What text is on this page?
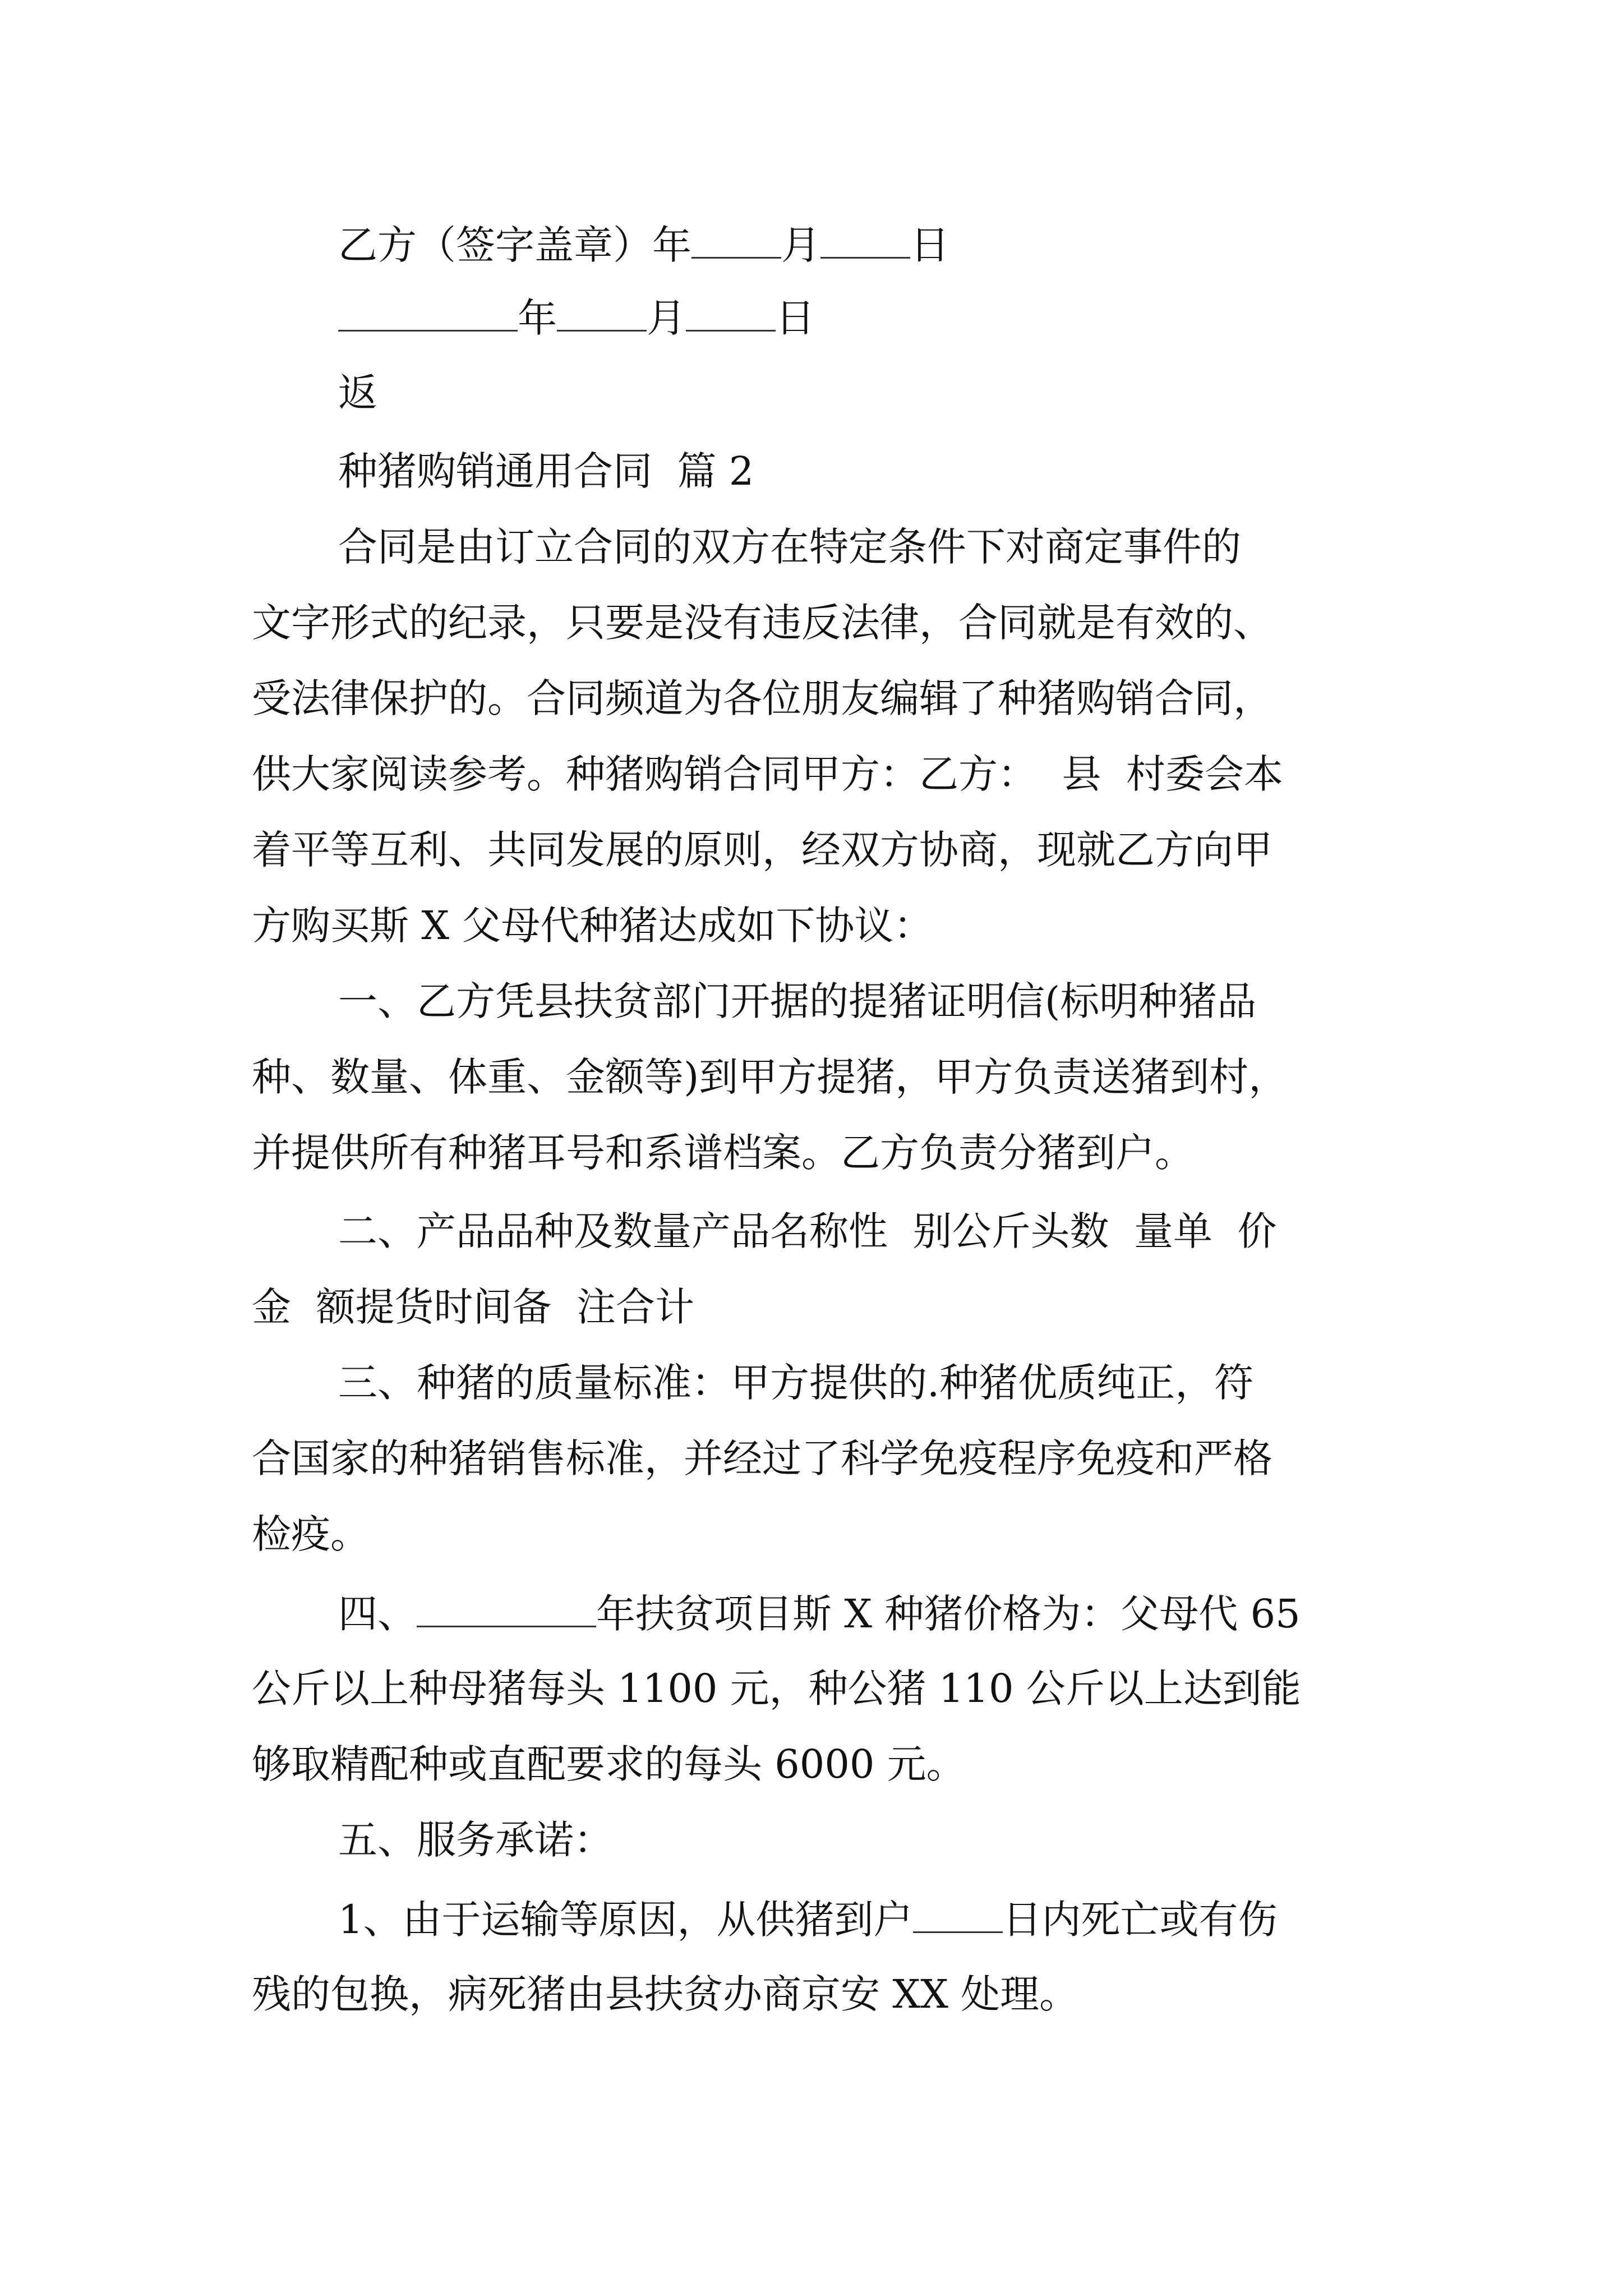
乙方（签字盖章）年 月 日
年 月 日
返
种猪购销通用合同 篇 2
合同是由订立合同的双方在特定条件下对商定事件的
文字形式的纪录，只要是没有违反法律，合同就是有效的、
受法律保护的。合同频道为各位朋友编辑了种猪购销合同，
供大家阅读参考。种猪购销合同甲方：乙方：  县  村委会本
着平等互利、共同发展的原则，经双方协商，现就乙方向甲
方购买斯 X 父母代种猪达成如下协议：
一、乙方凭县扶贫部门开据的提猪证明信(标明种猪品
种、数量、体重、金额等)到甲方提猪，甲方负责送猪到村，
并提供所有种猪耳号和系谱档案。乙方负责分猪到户。
二、产品品种及数量产品名称性  别公斤头数  量单  价
金  额提货时间备  注合计
三、种猪的质量标准：甲方提供的.种猪优质纯正，符
合国家的种猪销售标准，并经过了科学免疫程序免疫和严格
检疫。
四、	年扶贫项目斯 X 种猪价格为：父母代 65
公斤以上种母猪每头 1100 元，种公猪 110 公斤以上达到能
够取精配种或直配要求的每头 6000 元。
五、服务承诺：
1、由于运输等原因，从供猪到户 日内死亡或有伤
残的包换，病死猪由县扶贫办商京安 XX 处理。
